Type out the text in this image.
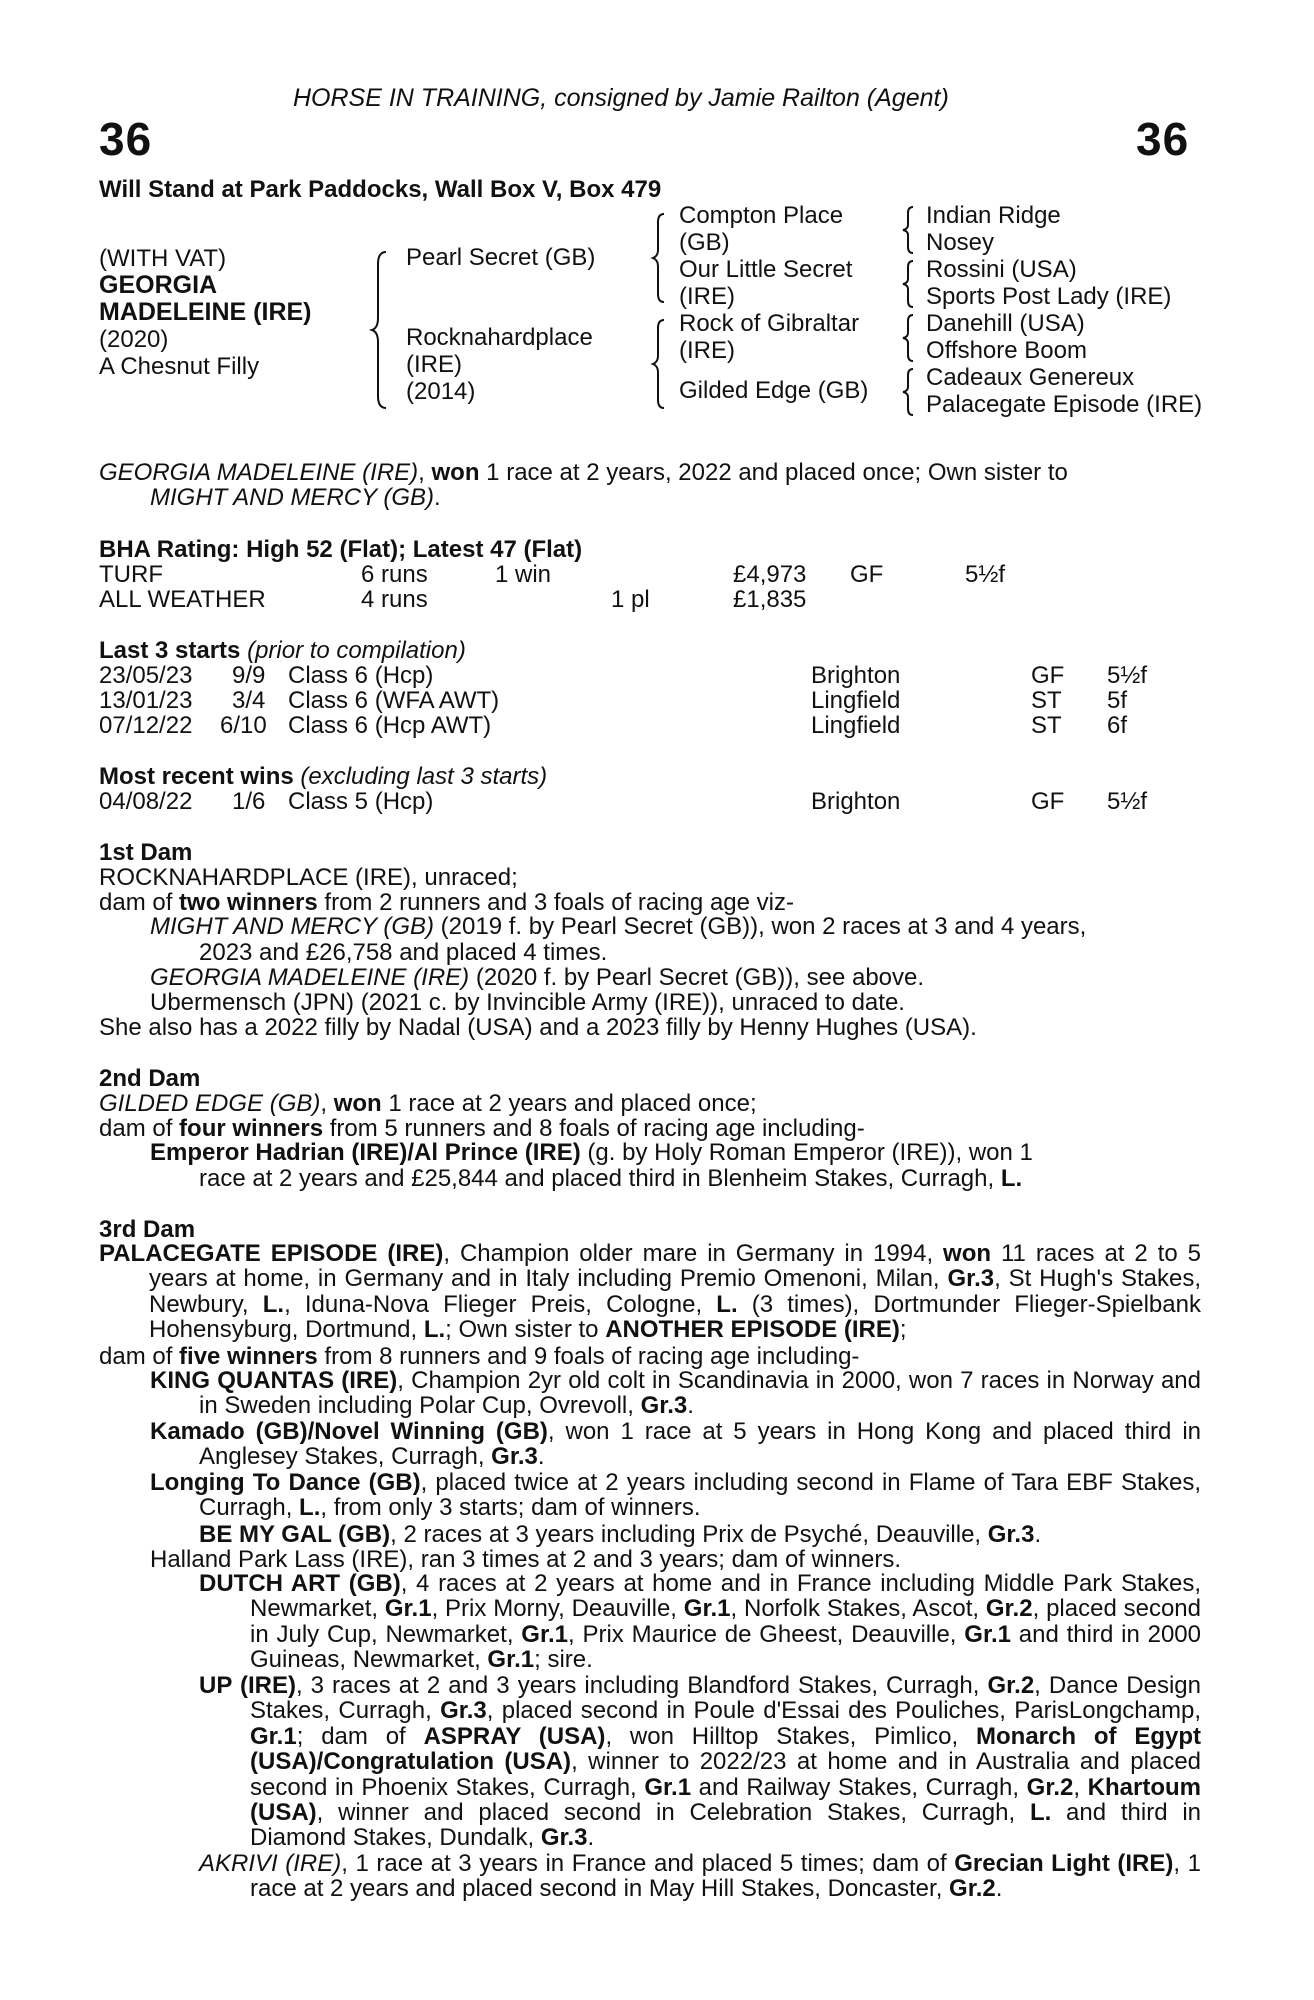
HORSE IN TRAINING, consigned by Jamie Railton (Agent)
36	36
Will Stand at Park Paddocks, Wall Box V, Box 479
(WITH VAT)
GEORGIA
MADELEINE (IRE)
(2020)
A Chesnut Filly
Pearl Secret (GB)
Rocknahardplace
(IRE)
(2014)
Compton Place
(GB)
Our Little Secret
(IRE)
Rock of Gibraltar
(IRE)
Gilded Edge (GB)
Indian Ridge
Nosey
Rossini (USA)
Sports Post Lady (IRE)
Danehill (USA)
Offshore Boom
Cadeaux Genereux
Palacegate Episode (IRE)
GEORGIA MADELEINE (IRE), won 1 race at 2 years, 2022 and placed once; Own sister to
MIGHT AND MERCY (GB).
BHA Rating: High 52 (Flat); Latest 47 (Flat)
TURF	6 runs	1 win	£4,973 GF	5½f
ALL WEATHER	4 runs	1 pl	£1,835
Last 3 starts (prior to compilation)
23/05/23 9/9 Class 6 (Hcp)	Brighton	GF 5½f
13/01/23 3/4 Class 6 (WFA AWT)	Lingfield	ST 5f
07/12/22 6/10 Class 6 (Hcp AWT)	Lingfield	ST 6f
Most recent wins (excluding last 3 starts)
04/08/22 1/6 Class 5 (Hcp)	Brighton	GF 5½f
1st Dam
ROCKNAHARDPLACE (IRE), unraced;
dam of two winners from 2 runners and 3 foals of racing age viz-
MIGHT AND MERCY (GB) (2019 f. by Pearl Secret (GB)), won 2 races at 3 and 4 years,
2023 and £26,758 and placed 4 times.
GEORGIA MADELEINE (IRE) (2020 f. by Pearl Secret (GB)), see above.
Ubermensch (JPN) (2021 c. by Invincible Army (IRE)), unraced to date.
She also has a 2022 filly by Nadal (USA) and a 2023 filly by Henny Hughes (USA).
2nd Dam
GILDED EDGE (GB), won 1 race at 2 years and placed once;
dam of four winners from 5 runners and 8 foals of racing age including-
Emperor Hadrian (IRE)/Al Prince (IRE) (g. by Holy Roman Emperor (IRE)), won 1
race at 2 years and £25,844 and placed third in Blenheim Stakes, Curragh, L.
3rd Dam
PALACEGATE EPISODE (IRE), Champion older mare in Germany in 1994, won 11 races at 2 to 5 years at home, in Germany and in Italy including Premio Omenoni, Milan, Gr.3, St Hugh's Stakes, Newbury, L., Iduna-Nova Flieger Preis, Cologne, L. (3 times), Dortmunder Flieger-Spielbank Hohensyburg, Dortmund, L.; Own sister to ANOTHER EPISODE (IRE);
dam of five winners from 8 runners and 9 foals of racing age including-
KING QUANTAS (IRE), Champion 2yr old colt in Scandinavia in 2000, won 7 races in Norway and in Sweden including Polar Cup, Ovrevoll, Gr.3.
Kamado (GB)/Novel Winning (GB), won 1 race at 5 years in Hong Kong and placed third in Anglesey Stakes, Curragh, Gr.3.
Longing To Dance (GB), placed twice at 2 years including second in Flame of Tara EBF Stakes, Curragh, L., from only 3 starts; dam of winners.
BE MY GAL (GB), 2 races at 3 years including Prix de Psyché, Deauville, Gr.3.
Halland Park Lass (IRE), ran 3 times at 2 and 3 years; dam of winners.
DUTCH ART (GB), 4 races at 2 years at home and in France including Middle Park Stakes, Newmarket, Gr.1, Prix Morny, Deauville, Gr.1, Norfolk Stakes, Ascot, Gr.2, placed second in July Cup, Newmarket, Gr.1, Prix Maurice de Gheest, Deauville, Gr.1 and third in 2000 Guineas, Newmarket, Gr.1; sire.
UP (IRE), 3 races at 2 and 3 years including Blandford Stakes, Curragh, Gr.2, Dance Design Stakes, Curragh, Gr.3, placed second in Poule d'Essai des Pouliches, ParisLongchamp, Gr.1; dam of ASPRAY (USA), won Hilltop Stakes, Pimlico, Monarch of Egypt (USA)/Congratulation (USA), winner to 2022/23 at home and in Australia and placed second in Phoenix Stakes, Curragh, Gr.1 and Railway Stakes, Curragh, Gr.2, Khartoum (USA), winner and placed second in Celebration Stakes, Curragh, L. and third in Diamond Stakes, Dundalk, Gr.3.
AKRIVI (IRE), 1 race at 3 years in France and placed 5 times; dam of Grecian Light (IRE), 1 race at 2 years and placed second in May Hill Stakes, Doncaster, Gr.2.
